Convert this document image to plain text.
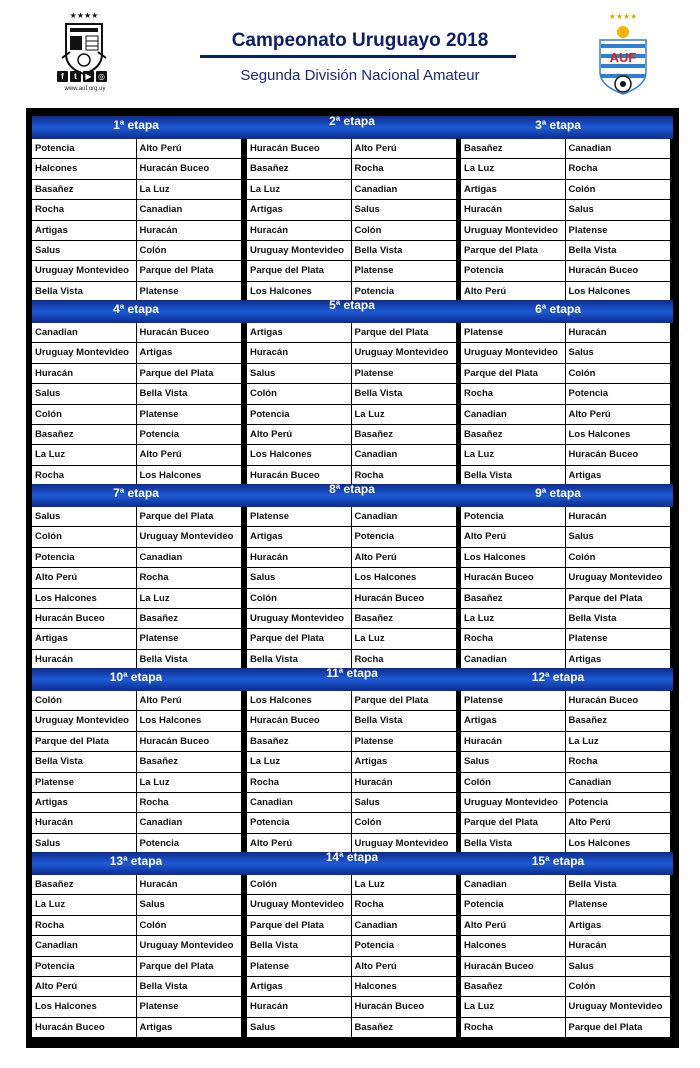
★★★★
f	t	▶ ◎
www.auf.org.uy
Campeonato Uruguayo 2018
Segunda División Nacional Amateur
★★★★
AUF
1ª etapa
Potencia	Alto Perú
Halcones	Huracán Buceo
Basañez	La Luz
Rocha	Canadian
Artigas	Huracán
Salus	Colón
Uruguay Montevideo	Parque del Plata
Bella Vista	Platense
2ª etapa
Huracán Buceo	Alto Perú
Basañez	Rocha
La Luz	Canadian
Artigas	Salus
Huracán	Colón
Uruguay Montevideo	Bella Vista
Parque del Plata	Platense
Los Halcones	Potencia
3ª etapa
Basañez	Canadian
La Luz	Rocha
Artigas	Colón
Huracán	Salus
Uruguay Montevideo	Platense
Parque del Plata	Bella Vista
Potencia	Huracán Buceo
Alto Perú	Los Halcones
4ª etapa
Canadian	Huracán Buceo
Uruguay Montevideo	Artigas
Huracán	Parque del Plata
Salus	Bella Vista
Colón	Platense
Basañez	Potencia
La Luz	Alto Perú
Rocha	Los Halcones
5ª etapa
Artigas	Parque del Plata
Huracán	Uruguay Montevideo
Salus	Platense
Colón	Bella Vista
Potencia	La Luz
Alto Perú	Basañez
Los Halcones	Canadian
Huracán Buceo	Rocha
6ª etapa
Platense	Huracán
Uruguay Montevideo	Salus
Parque del Plata	Colón
Rocha	Potencia
Canadian	Alto Perú
Basañez	Los Halcones
La Luz	Huracán Buceo
Bella Vista	Artigas
7ª etapa
Salus	Parque del Plata
Colón	Uruguay Montevideo
Potencia	Canadian
Alto Perú	Rocha
Los Halcones	La Luz
Huracán Buceo	Basañez
Artigas	Platense
Huracán	Bella Vista
8ª etapa
Platense	Canadian
Artigas	Potencia
Huracán	Alto Perú
Salus	Los Halcones
Colón	Huracán Buceo
Uruguay Montevideo	Basañez
Parque del Plata	La Luz
Bella Vista	Rocha
9ª etapa
Potencia	Huracán
Alto Perú	Salus
Los Halcones	Colón
Huracán Buceo	Uruguay Montevideo
Basañez	Parque del Plata
La Luz	Bella Vista
Rocha	Platense
Canadian	Artigas
10ª etapa
Colón	Alto Perú
Uruguay Montevideo	Los Halcones
Parque del Plata	Huracán Buceo
Bella Vista	Basañez
Platense	La Luz
Artigas	Rocha
Huracán	Canadian
Salus	Potencia
11ª etapa
Los Halcones	Parque del Plata
Huracán Buceo	Bella Vista
Basañez	Platense
La Luz	Artigas
Rocha	Huracán
Canadian	Salus
Potencia	Colón
Alto Perú	Uruguay Montevideo
12ª etapa
Platense	Huracán Buceo
Artigas	Basañez
Huracán	La Luz
Salus	Rocha
Colón	Canadian
Uruguay Montevideo	Potencia
Parque del Plata	Alto Perú
Bella Vista	Los Halcones
13ª etapa
Basañez	Huracán
La Luz	Salus
Rocha	Colón
Canadian	Uruguay Montevideo
Potencia	Parque del Plata
Alto Perú	Bella Vista
Los Halcones	Platense
Huracán Buceo	Artigas
14ª etapa
Colón	La Luz
Uruguay Montevideo	Rocha
Parque del Plata	Canadian
Bella Vista	Potencia
Platense	Alto Perú
Artigas	Halcones
Huracán	Huracán Buceo
Salus	Basañez
15ª etapa
Canadian	Bella Vista
Potencia	Platense
Alto Perú	Artigas
Halcones	Huracán
Huracán Buceo	Salus
Basañez	Colón
La Luz	Uruguay Montevideo
Rocha	Parque del Plata
